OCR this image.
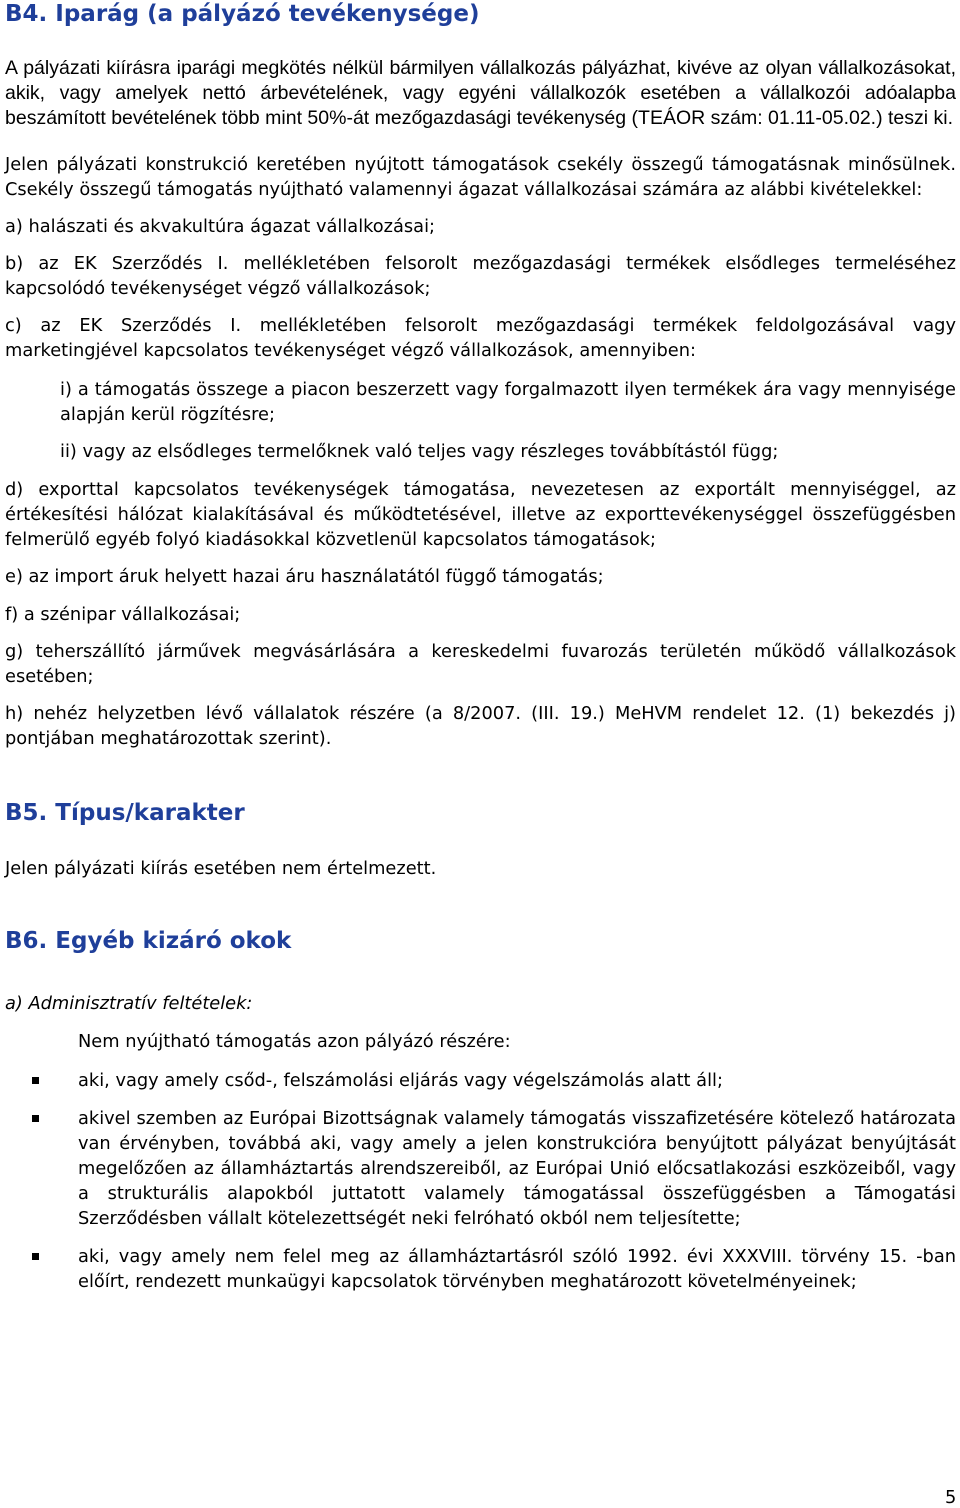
B4. Iparág (a pályázó tevékenysége)

A pályázati kiírásra iparági megkötés nélkül bármilyen vállalkozás pályázhat, kivéve az olyan vállalkozásokat, akik, vagy amelyek nettó árbevételének, vagy egyéni vállalkozók esetében a vállalkozói adóalapba beszámított bevételének több mint 50%-át mezőgazdasági tevékenység (TEÁOR szám: 01.11-05.02.) teszi ki.

Jelen pályázati konstrukció keretében nyújtott támogatások csekély összegű támogatásnak minősülnek. Csekély összegű támogatás nyújtható valamennyi ágazat vállalkozásai számára az alábbi kivételekkel:

a) halászati és akvakultúra ágazat vállalkozásai;

b) az EK Szerződés I. mellékletében felsorolt mezőgazdasági termékek elsődleges termeléséhez kapcsolódó tevékenységet végző vállalkozások;

c) az EK Szerződés I. mellékletében felsorolt mezőgazdasági termékek feldolgozásával vagy marketingjével kapcsolatos tevékenységet végző vállalkozások, amennyiben:

i) a támogatás összege a piacon beszerzett vagy forgalmazott ilyen termékek ára vagy mennyisége alapján kerül rögzítésre;

ii) vagy az elsődleges termelőknek való teljes vagy részleges továbbítástól függ;

d) exporttal kapcsolatos tevékenységek támogatása, nevezetesen az exportált mennyiséggel, az értékesítési hálózat kialakításával és működtetésével, illetve az exporttevékenységgel összefüggésben felmerülő egyéb folyó kiadásokkal közvetlenül kapcsolatos támogatások;

e) az import áruk helyett hazai áru használatától függő támogatás;

f) a szénipar vállalkozásai;

g) teherszállító járművek megvásárlására a kereskedelmi fuvarozás területén működő vállalkozások esetében;

h) nehéz helyzetben lévő vállalatok részére (a 8/2007. (III. 19.) MeHVM rendelet 12. (1) bekezdés j) pontjában meghatározottak szerint).

B5. Típus/karakter

Jelen pályázati kiírás esetében nem értelmezett.

B6. Egyéb kizáró okok

a) Adminisztratív feltételek:

Nem nyújtható támogatás azon pályázó részére:

aki, vagy amely csőd-, felszámolási eljárás vagy végelszámolás alatt áll;
akivel szemben az Európai Bizottságnak valamely támogatás visszafizetésére kötelező határozata van érvényben, továbbá aki, vagy amely a jelen konstrukcióra benyújtott pályázat benyújtását megelőzően az államháztartás alrendszereiből, az Európai Unió előcsatlakozási eszközeiből, vagy a strukturális alapokból juttatott valamely támogatással összefüggésben a Támogatási Szerződésben vállalt kötelezettségét neki felróható okból nem teljesítette;
aki, vagy amely nem felel meg az államháztartásról szóló 1992. évi XXXVIII. törvény 15. -ban előírt, rendezett munkaügyi kapcsolatok törvényben meghatározott követelményeinek;
5
